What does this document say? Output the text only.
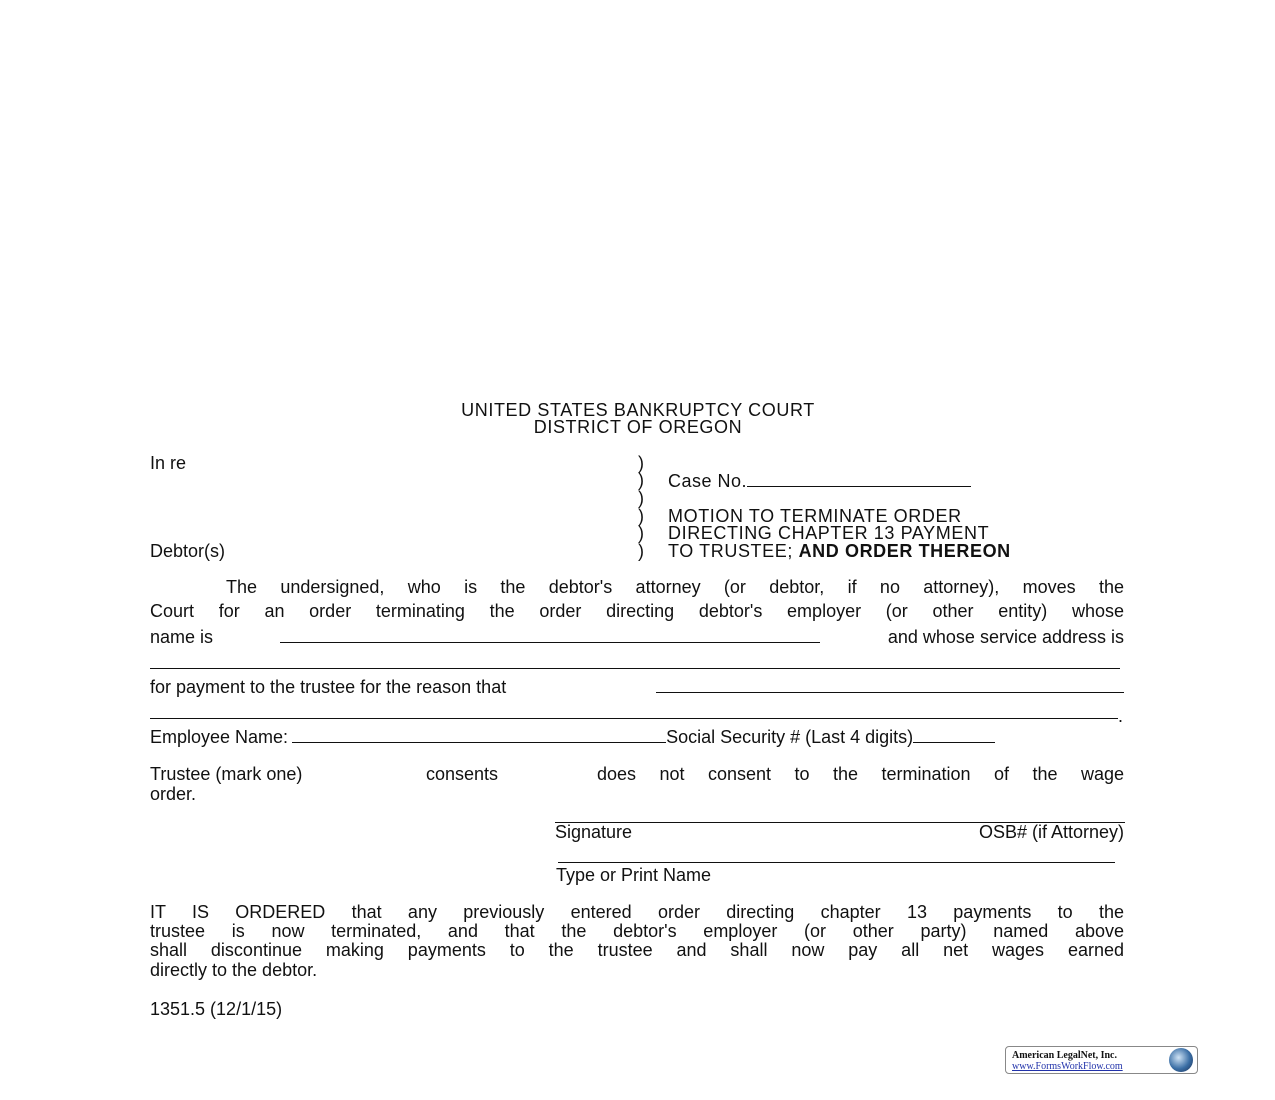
UNITED STATES BANKRUPTCY COURT
DISTRICT OF OREGON
In re
Debtor(s)
)
)
)
)
)
)
Case No.
MOTION TO TERMINATE ORDER
DIRECTING CHAPTER 13 PAYMENT
TO TRUSTEE; AND ORDER THEREON
The undersigned, who is the debtor's attorney (or debtor, if no attorney), moves the
Court for an order terminating the order directing debtor's employer (or other entity) whose
name is	and whose service address is
for payment to the trustee for the reason that
.
Employee Name:	Social Security # (Last 4 digits)
Trustee (mark one)	consents	does not consent to the termination of the wage
order.
Signature	OSB# (if Attorney)
Type or Print Name
IT IS ORDERED that any previously entered order directing chapter 13 payments to the
trustee is now terminated, and that the debtor's employer (or other party) named above
shall discontinue making payments to the trustee and shall now pay all net wages earned
directly to the debtor.
1351.5 (12/1/15)
American LegalNet, Inc.
www.FormsWorkFlow.com
